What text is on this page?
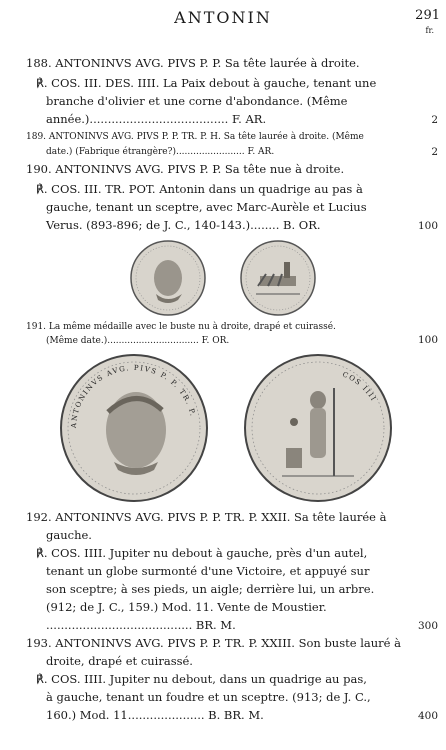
ANTONIN	291
fr.
188. ANTONINVS AVG. PIVS P. P. Sa tête laurée à droite.
℟. COS. III. DES. IIII. La Paix debout à gauche, tenant une
branche d'olivier et une corne d'abondance. (Même
année.)...................................... F. AR.	2
189. ANTONINVS AVG. PIVS P. P. TR. P. H. Sa tête laurée à droite. (Même
date.) (Fabrique étrangère?)........................ F. AR.	2
190. ANTONINVS AVG. PIVS P. P. Sa tête nue à droite.
℟. COS. III. TR. POT. Antonin dans un quadrige au pas à
gauche, tenant un sceptre, avec Marc-Aurèle et Lucius
Verus. (893-896; de J. C., 140-143.)........ B. OR.	100
191. La même médaille avec le buste nu à droite, drapé et cuirassé.
(Même date.)................................ F. OR.	100
ANTONINVS AVG. PIVS P. P. TR. P.
COS IIII
192. ANTONINVS AVG. PIVS P. P. TR. P. XXII. Sa tête laurée à
gauche.
℟. COS. IIII. Jupiter nu debout à gauche, près d'un autel,
tenant un globe surmonté d'une Victoire, et appuyé sur
son sceptre; à ses pieds, un aigle; derrière lui, un arbre.
(912; de J. C., 159.) Mod. 11. Vente de Moustier.
........................................ BR. M.	300
193. ANTONINVS AVG. PIVS P. P. TR. P. XXIII. Son buste lauré à
droite, drapé et cuirassé.
℟. COS. IIII. Jupiter nu debout, dans un quadrige au pas,
à gauche, tenant un foudre et un sceptre. (913; de J. C.,
160.) Mod. 11..................... B. BR. M.	400
